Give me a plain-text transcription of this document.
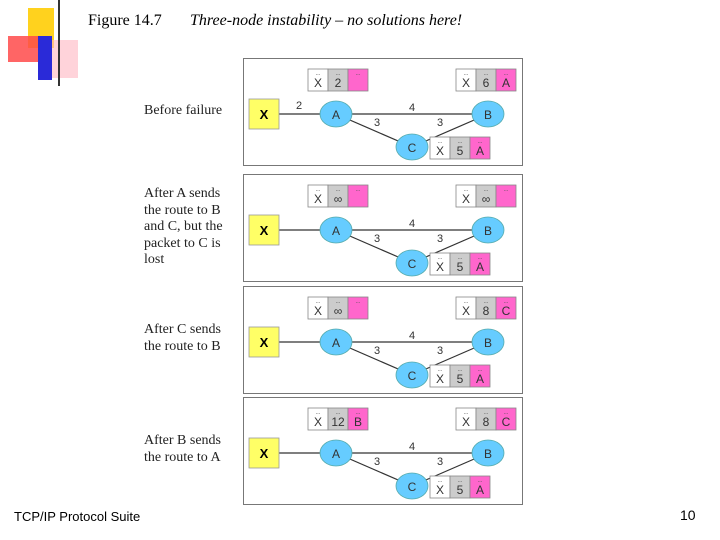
Figure 14.7 Three-node instability – no solutions here!
Before failure	2	4
3	3
X	A	B
C
...
X
...
2
...	...
X
...
6
...
A
...
X
...
5
...
A
After A sends
the route to B
and C, but the
packet to C is
lost
4
3	3
X	A	B
C
...
X
...
∞
...	...
X
...
∞
...
...
X
...
5
...
A
After C sends
the route to B
4
3	3
X	A	B
C
...
X
...
∞
...	...
X
...
8
...
C
...
X
...
5
...
A
After B sends
the route to A
4
3	3
X	A	B
C
...
X
...
12
...
B
...
X
...
8
...
C
...
X
...
5
...
A
TCP/IP Protocol Suite	10
